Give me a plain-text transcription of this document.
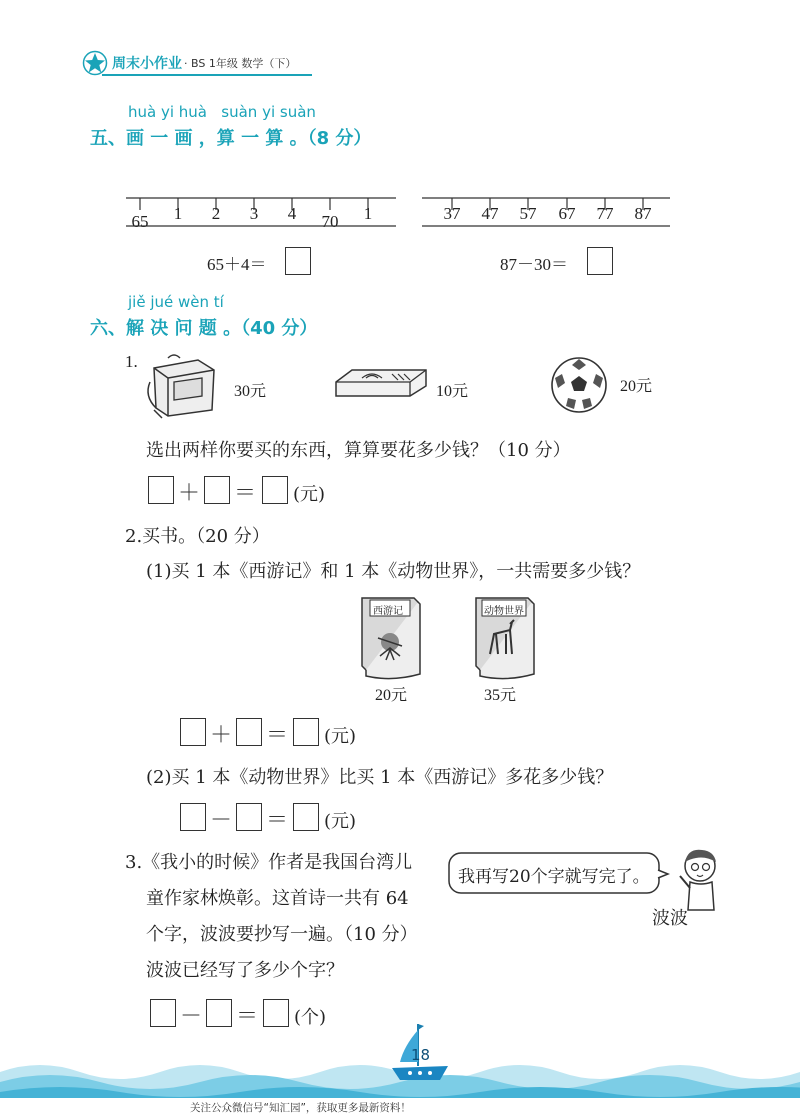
周末小作业 · BS 1年级 数学（下）
huà yi huà   suàn yi suàn
五、画 一 画 ，算 一 算 。（8 分）
65 1 2 3 4 70 1	37 47 57 67 77 87
65＋4＝	87－30＝
jiě jué wèn tí
六、解 决 问 题 。（40 分）
1.
30元	10元	20元
选出两样你要买的东西，算算要花多少钱？（10 分）
＋ ＝ (元)
2.买书。（20 分）
(1)买 1 本《西游记》和 1 本《动物世界》，一共需要多少钱？
西游记
20元
动物世界
35元
＋ ＝ (元)
(2)买 1 本《动物世界》比买 1 本《西游记》多花多少钱？
－ ＝ (元)
3.《我小的时候》作者是我国台湾儿
童作家林焕彰。这首诗一共有 64
个字，波波要抄写一遍。（10 分）
波波已经写了多少个字？
我再写20个字就写完了。
波波
－ ＝ (个)
18
关注公众微信号“知汇园”，获取更多最新资料！
